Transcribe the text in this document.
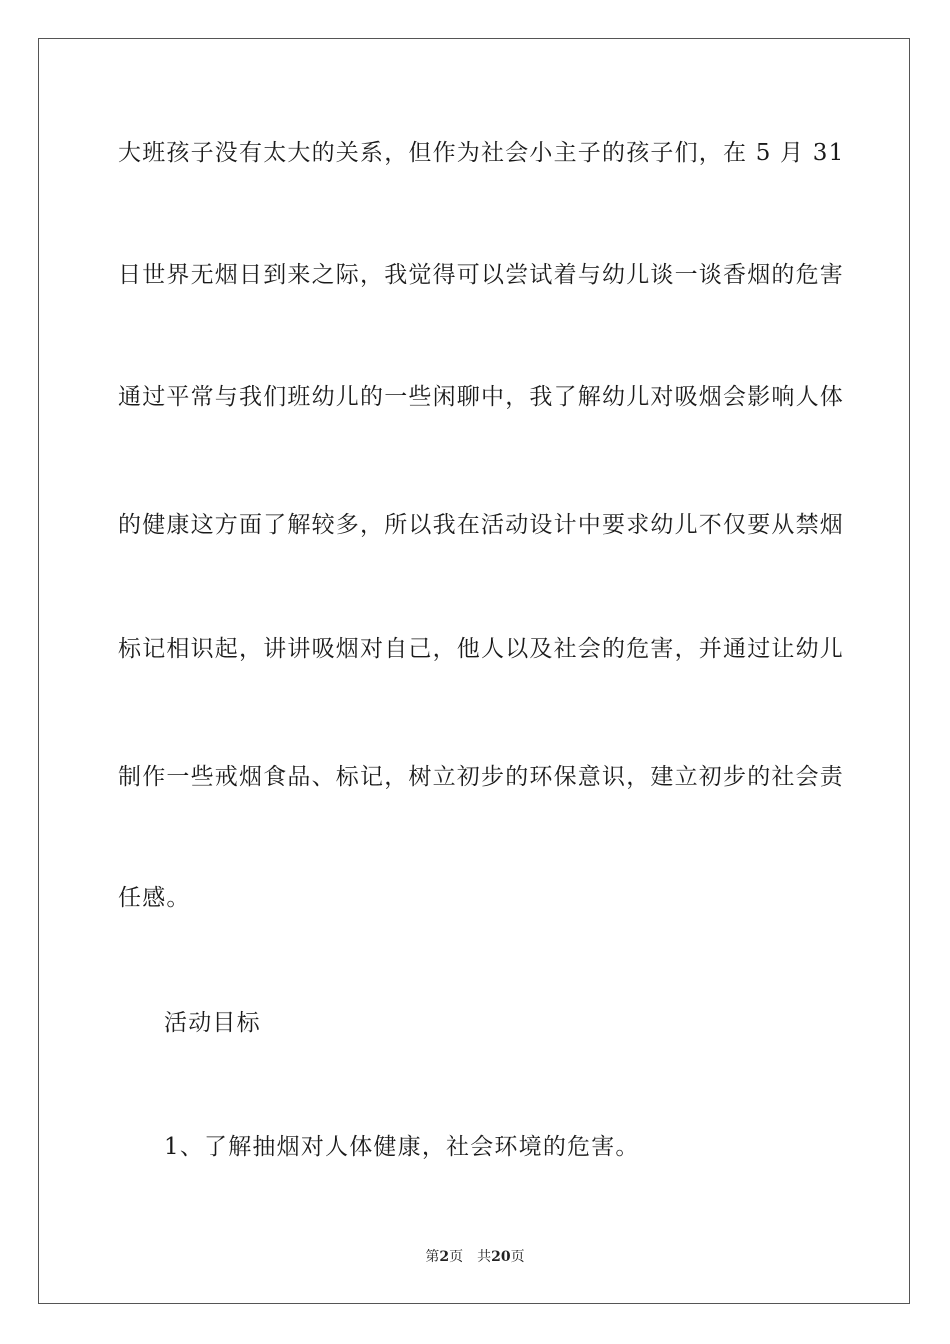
大班孩子没有太大的关系，但作为社会小主子的孩子们，在 5 月 31
日世界无烟日到来之际，我觉得可以尝试着与幼儿谈一谈香烟的危害
通过平常与我们班幼儿的一些闲聊中，我了解幼儿对吸烟会影响人体
的健康这方面了解较多，所以我在活动设计中要求幼儿不仅要从禁烟
标记相识起，讲讲吸烟对自己，他人以及社会的危害，并通过让幼儿
制作一些戒烟食品、标记，树立初步的环保意识，建立初步的社会责
任感。
活动目标
1、了解抽烟对人体健康，社会环境的危害。
第2页 共20页
